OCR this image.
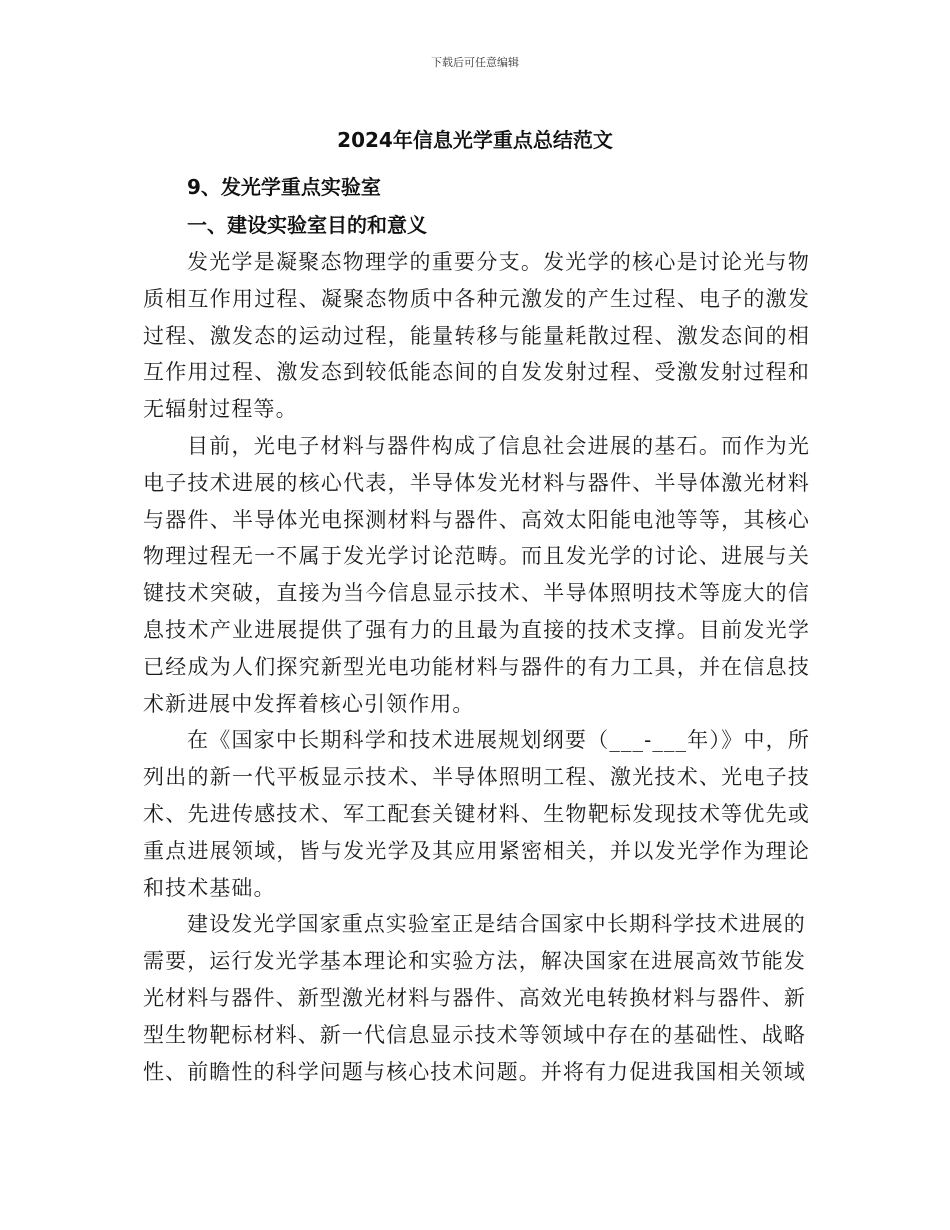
下载后可任意编辑
2024年信息光学重点总结范文

9、发光学重点实验室

一、建设实验室目的和意义

发光学是凝聚态物理学的重要分支。发光学的核心是讨论光与物质相互作用过程、凝聚态物质中各种元激发的产生过程、电子的激发过程、激发态的运动过程，能量转移与能量耗散过程、激发态间的相互作用过程、激发态到较低能态间的自发发射过程、受激发射过程和无辐射过程等。

目前，光电子材料与器件构成了信息社会进展的基石。而作为光电子技术进展的核心代表，半导体发光材料与器件、半导体激光材料与器件、半导体光电探测材料与器件、高效太阳能电池等等，其核心物理过程无一不属于发光学讨论范畴。而且发光学的讨论、进展与关键技术突破，直接为当今信息显示技术、半导体照明技术等庞大的信息技术产业进展提供了强有力的且最为直接的技术支撑。目前发光学已经成为人们探究新型光电功能材料与器件的有力工具，并在信息技术新进展中发挥着核心引领作用。

在《国家中长期科学和技术进展规划纲要（___-___年）》中，所列出的新一代平板显示技术、半导体照明工程、激光技术、光电子技术、先进传感技术、军工配套关键材料、生物靶标发现技术等优先或重点进展领域，皆与发光学及其应用紧密相关，并以发光学作为理论和技术基础。

建设发光学国家重点实验室正是结合国家中长期科学技术进展的需要，运行发光学基本理论和实验方法，解决国家在进展高效节能发光材料与器件、新型激光材料与器件、高效光电转换材料与器件、新型生物靶标材料、新一代信息显示技术等领域中存在的基础性、战略性、前瞻性的科学问题与核心技术问题。并将有力促进我国相关领域
